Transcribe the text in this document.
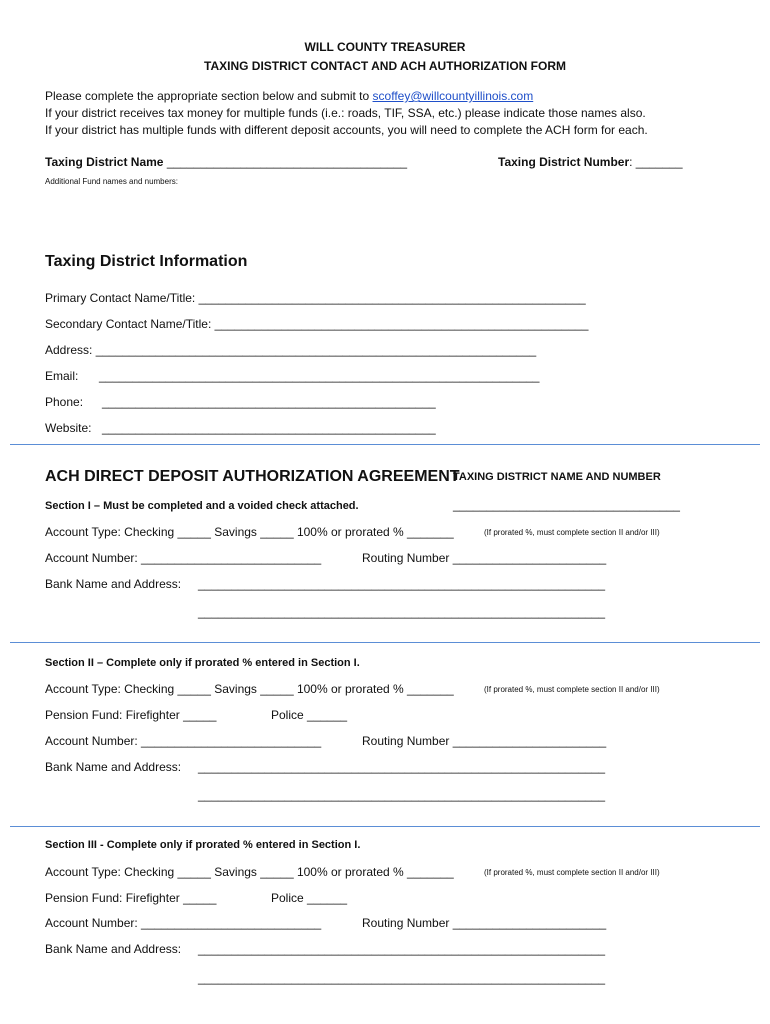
WILL COUNTY TREASURER
TAXING DISTRICT CONTACT AND ACH AUTHORIZATION FORM
Please complete the appropriate section below and submit to scoffey@willcountyillinois.com
If your district receives tax money for multiple funds (i.e.: roads, TIF, SSA, etc.) please indicate those names also.
If your district has multiple funds with different deposit accounts, you will need to complete the ACH form for each.
Taxing District Name ____________________________________	Taxing District Number: _______
Additional Fund names and numbers:
Taxing District Information
Primary Contact Name/Title: __________________________________________________________
Secondary Contact Name/Title: ________________________________________________________
Address: __________________________________________________________________
Email: __________________________________________________________________
Phone: __________________________________________________
Website: __________________________________________________
ACH DIRECT DEPOSIT AUTHORIZATION AGREEMENT
TAXING DISTRICT NAME AND NUMBER
Section I – Must be completed and a voided check attached.	__________________________________
Account Type: Checking _____ Savings _____ 100% or prorated % _______	(If prorated %, must complete section II and/or III)
Account Number: ___________________________	Routing Number _______________________
Bank Name and Address: _____________________________________________________________
_____________________________________________________________
Section II – Complete only if prorated % entered in Section I.
Account Type: Checking _____ Savings _____ 100% or prorated % _______	(If prorated %, must complete section II and/or III)
Pension Fund: Firefighter _____	Police ______
Account Number: ___________________________	Routing Number _______________________
Bank Name and Address: _____________________________________________________________
_____________________________________________________________
Section III - Complete only if prorated % entered in Section I.
Account Type: Checking _____ Savings _____ 100% or prorated % _______	(If prorated %, must complete section II and/or III)
Pension Fund: Firefighter _____	Police ______
Account Number: ___________________________	Routing Number _______________________
Bank Name and Address: _____________________________________________________________
_____________________________________________________________
